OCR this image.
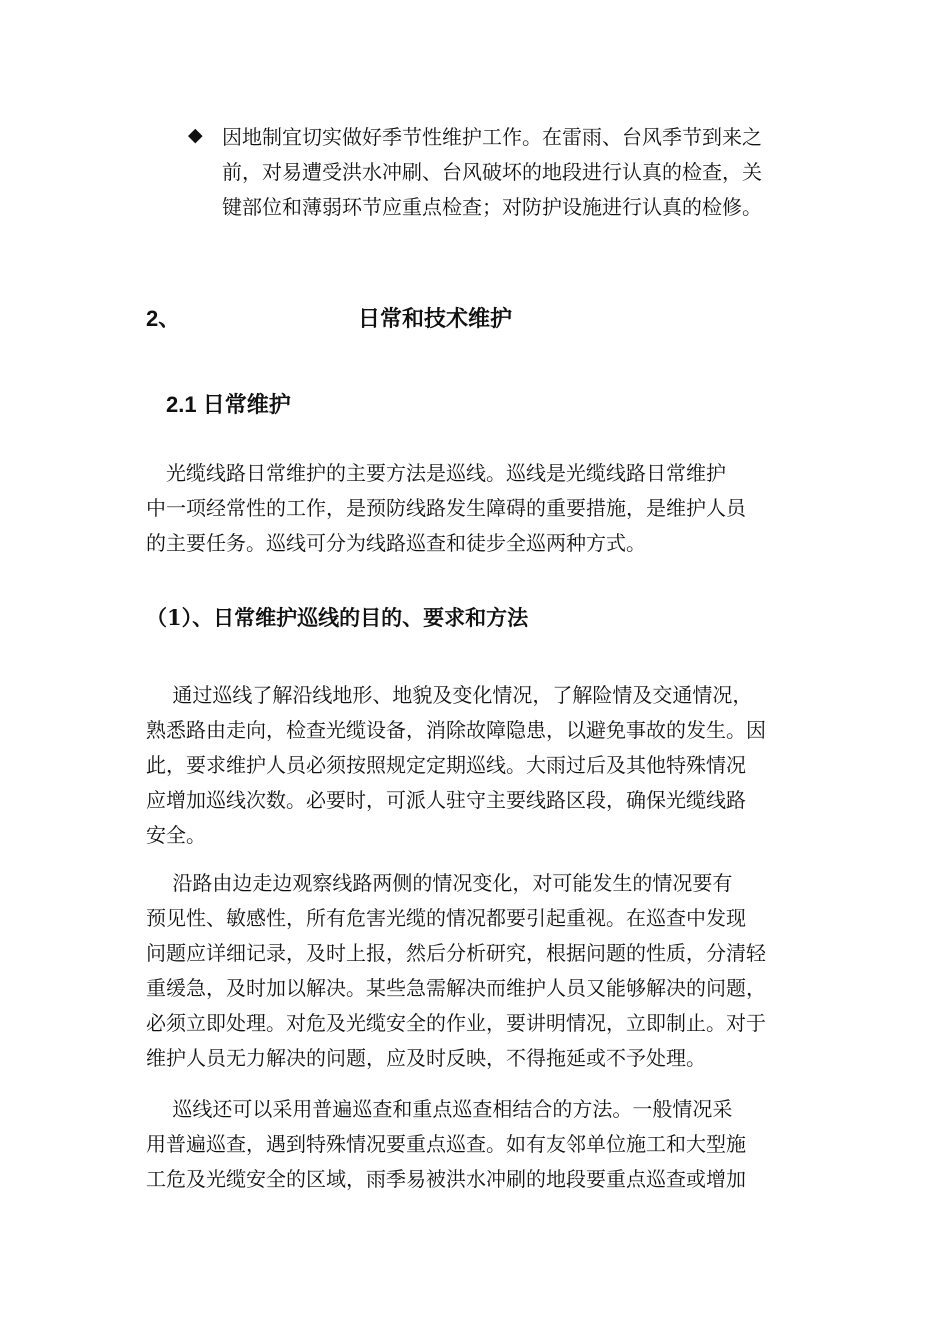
◆ 因地制宜切实做好季节性维护工作。在雷雨、台风季节到来之
前，对易遭受洪水冲刷、台风破坏的地段进行认真的检查，关
键部位和薄弱环节应重点检查；对防护设施进行认真的检修。
2、	日常和技术维护
2.1 日常维护
　光缆线路日常维护的主要方法是巡线。巡线是光缆线路日常维护
中一项经常性的工作，是预防线路发生障碍的重要措施，是维护人员
的主要任务。巡线可分为线路巡查和徒步全巡两种方式。
（1）、日常维护巡线的目的、要求和方法
　 通过巡线了解沿线地形、地貌及变化情况，了解险情及交通情况，
熟悉路由走向，检查光缆设备，消除故障隐患，以避免事故的发生。因
此，要求维护人员必须按照规定定期巡线。大雨过后及其他特殊情况
应增加巡线次数。必要时，可派人驻守主要线路区段，确保光缆线路
安全。
　 沿路由边走边观察线路两侧的情况变化，对可能发生的情况要有
预见性、敏感性，所有危害光缆的情况都要引起重视。在巡查中发现
问题应详细记录，及时上报，然后分析研究，根据问题的性质，分清轻
重缓急，及时加以解决。某些急需解决而维护人员又能够解决的问题，
必须立即处理。对危及光缆安全的作业，要讲明情况，立即制止。对于
维护人员无力解决的问题，应及时反映，不得拖延或不予处理。
　 巡线还可以采用普遍巡查和重点巡查相结合的方法。一般情况采
用普遍巡查，遇到特殊情况要重点巡查。如有友邻单位施工和大型施
工危及光缆安全的区域，雨季易被洪水冲刷的地段要重点巡查或增加
